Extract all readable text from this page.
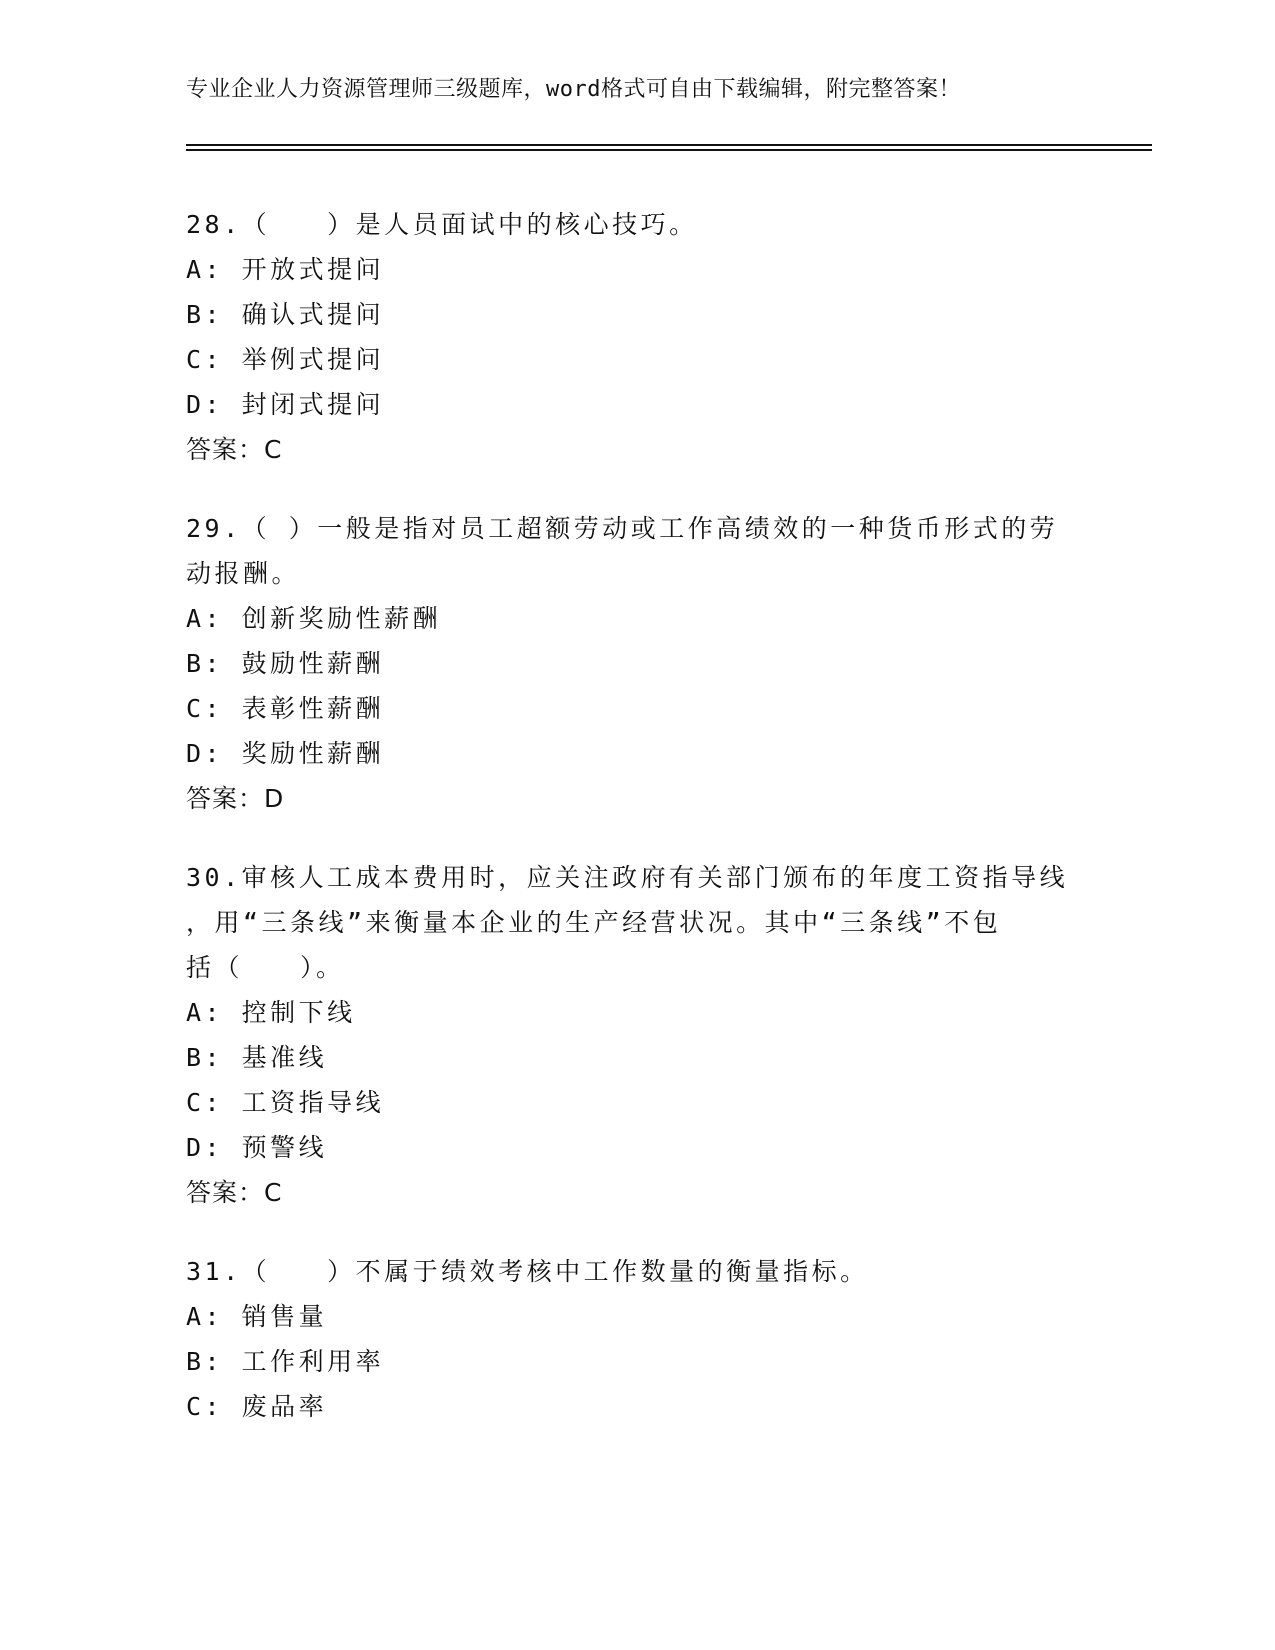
专业企业人力资源管理师三级题库，word格式可自由下载编辑，附完整答案！
28.（　　）是人员面试中的核心技巧。
A: 开放式提问
B: 确认式提问
C: 举例式提问
D: 封闭式提问
答案：C
29.（ ）一般是指对员工超额劳动或工作高绩效的一种货币形式的劳
动报酬。
A: 创新奖励性薪酬
B: 鼓励性薪酬
C: 表彰性薪酬
D: 奖励性薪酬
答案：D
30.审核人工成本费用时，应关注政府有关部门颁布的年度工资指导线
，用“三条线”来衡量本企业的生产经营状况。其中“三条线”不包
括（　　）。
A: 控制下线
B: 基准线
C: 工资指导线
D: 预警线
答案：C
31.（　　）不属于绩效考核中工作数量的衡量指标。
A: 销售量
B: 工作利用率
C: 废品率
